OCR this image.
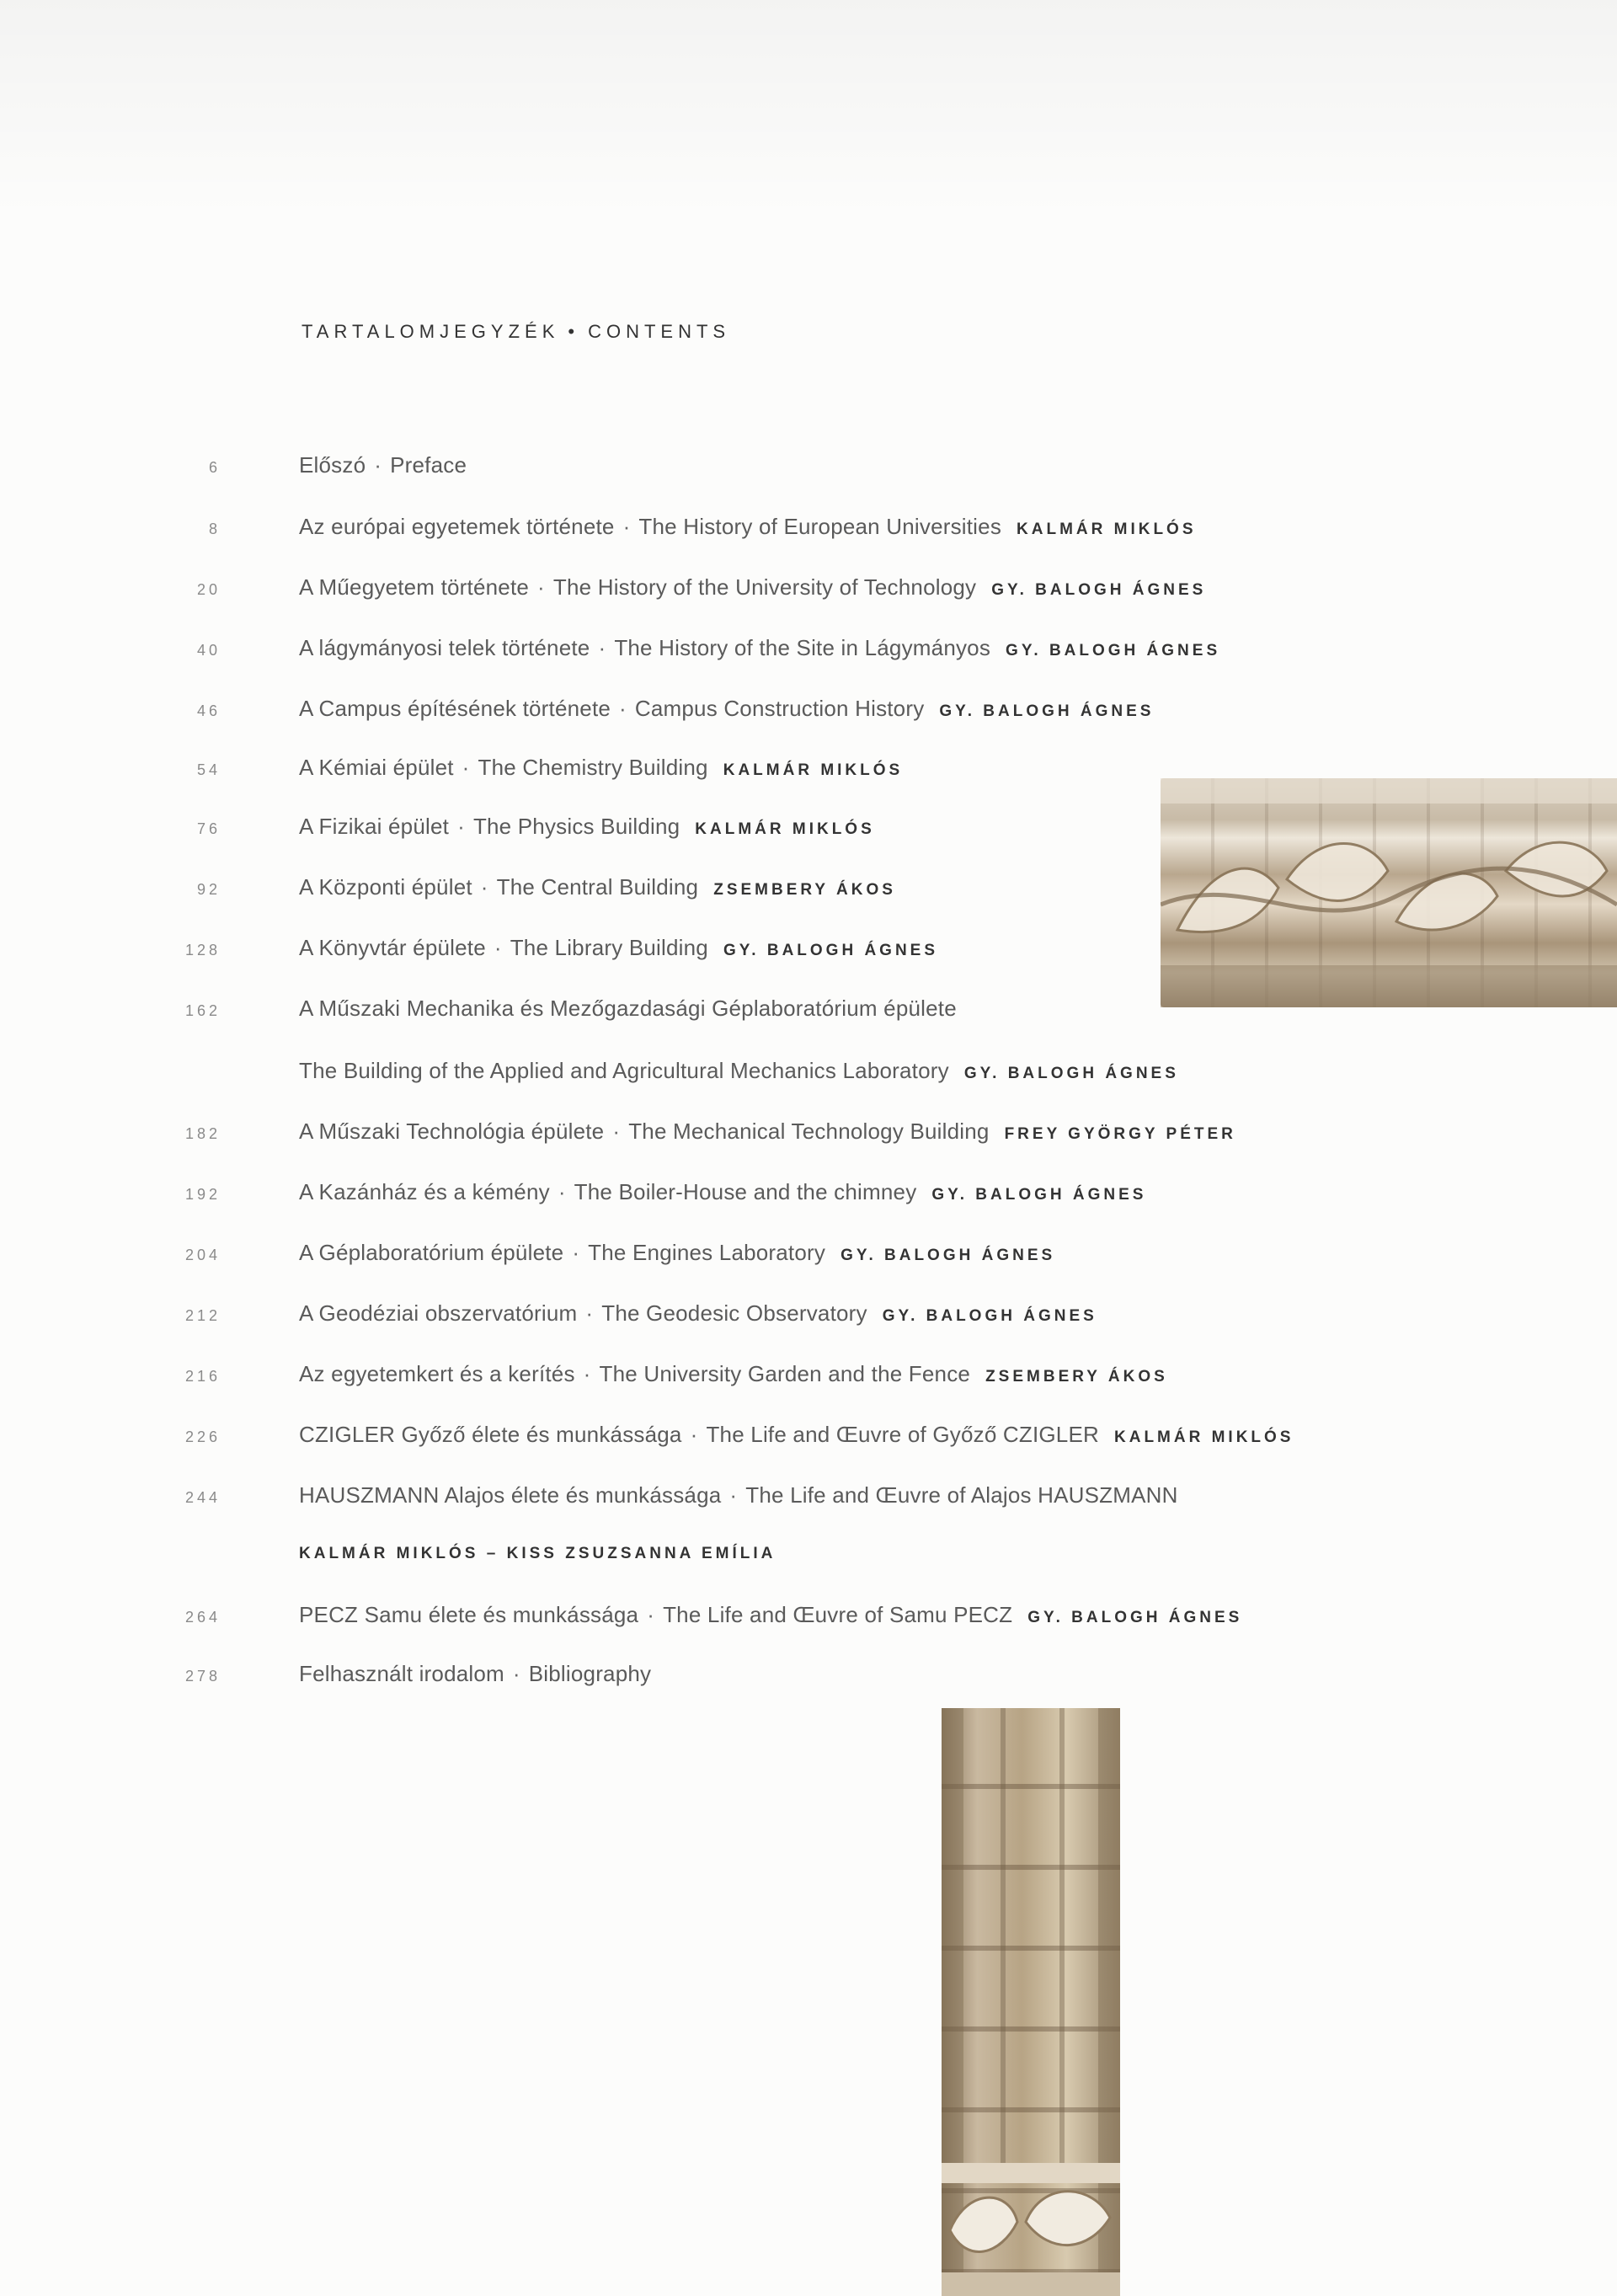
TARTALOMJEGYZÉK • CONTENTS
6	Előszó · Preface
8	Az európai egyetemek története · The History of European Universities KALMÁR MIKLÓS
20	A Műegyetem története · The History of the University of Technology GY. BALOGH ÁGNES
40	A lágymányosi telek története · The History of the Site in Lágymányos GY. BALOGH ÁGNES
46	A Campus építésének története · Campus Construction History GY. BALOGH ÁGNES
54	A Kémiai épület · The Chemistry Building KALMÁR MIKLÓS
76	A Fizikai épület · The Physics Building KALMÁR MIKLÓS
92	A Központi épület · The Central Building ZSEMBERY ÁKOS
128	A Könyvtár épülete · The Library Building GY. BALOGH ÁGNES
162	A Műszaki Mechanika és Mezőgazdasági Géplaboratórium épülete
The Building of the Applied and Agricultural Mechanics Laboratory GY. BALOGH ÁGNES
182	A Műszaki Technológia épülete · The Mechanical Technology Building FREY GYÖRGY PÉTER
192	A Kazánház és a kémény · The Boiler-House and the chimney GY. BALOGH ÁGNES
204	A Géplaboratórium épülete · The Engines Laboratory GY. BALOGH ÁGNES
212	A Geodéziai obszervatórium · The Geodesic Observatory GY. BALOGH ÁGNES
216	Az egyetemkert és a kerítés · The University Garden and the Fence ZSEMBERY ÁKOS
226	CZIGLER Győző élete és munkássága · The Life and Œuvre of Győző CZIGLER KALMÁR MIKLÓS
244	HAUSZMANN Alajos élete és munkássága · The Life and Œuvre of Alajos HAUSZMANN
KALMÁR MIKLÓS – KISS ZSUZSANNA EMÍLIA
264	PECZ Samu élete és munkássága · The Life and Œuvre of Samu PECZ GY. BALOGH ÁGNES
278	Felhasznált irodalom · Bibliography
